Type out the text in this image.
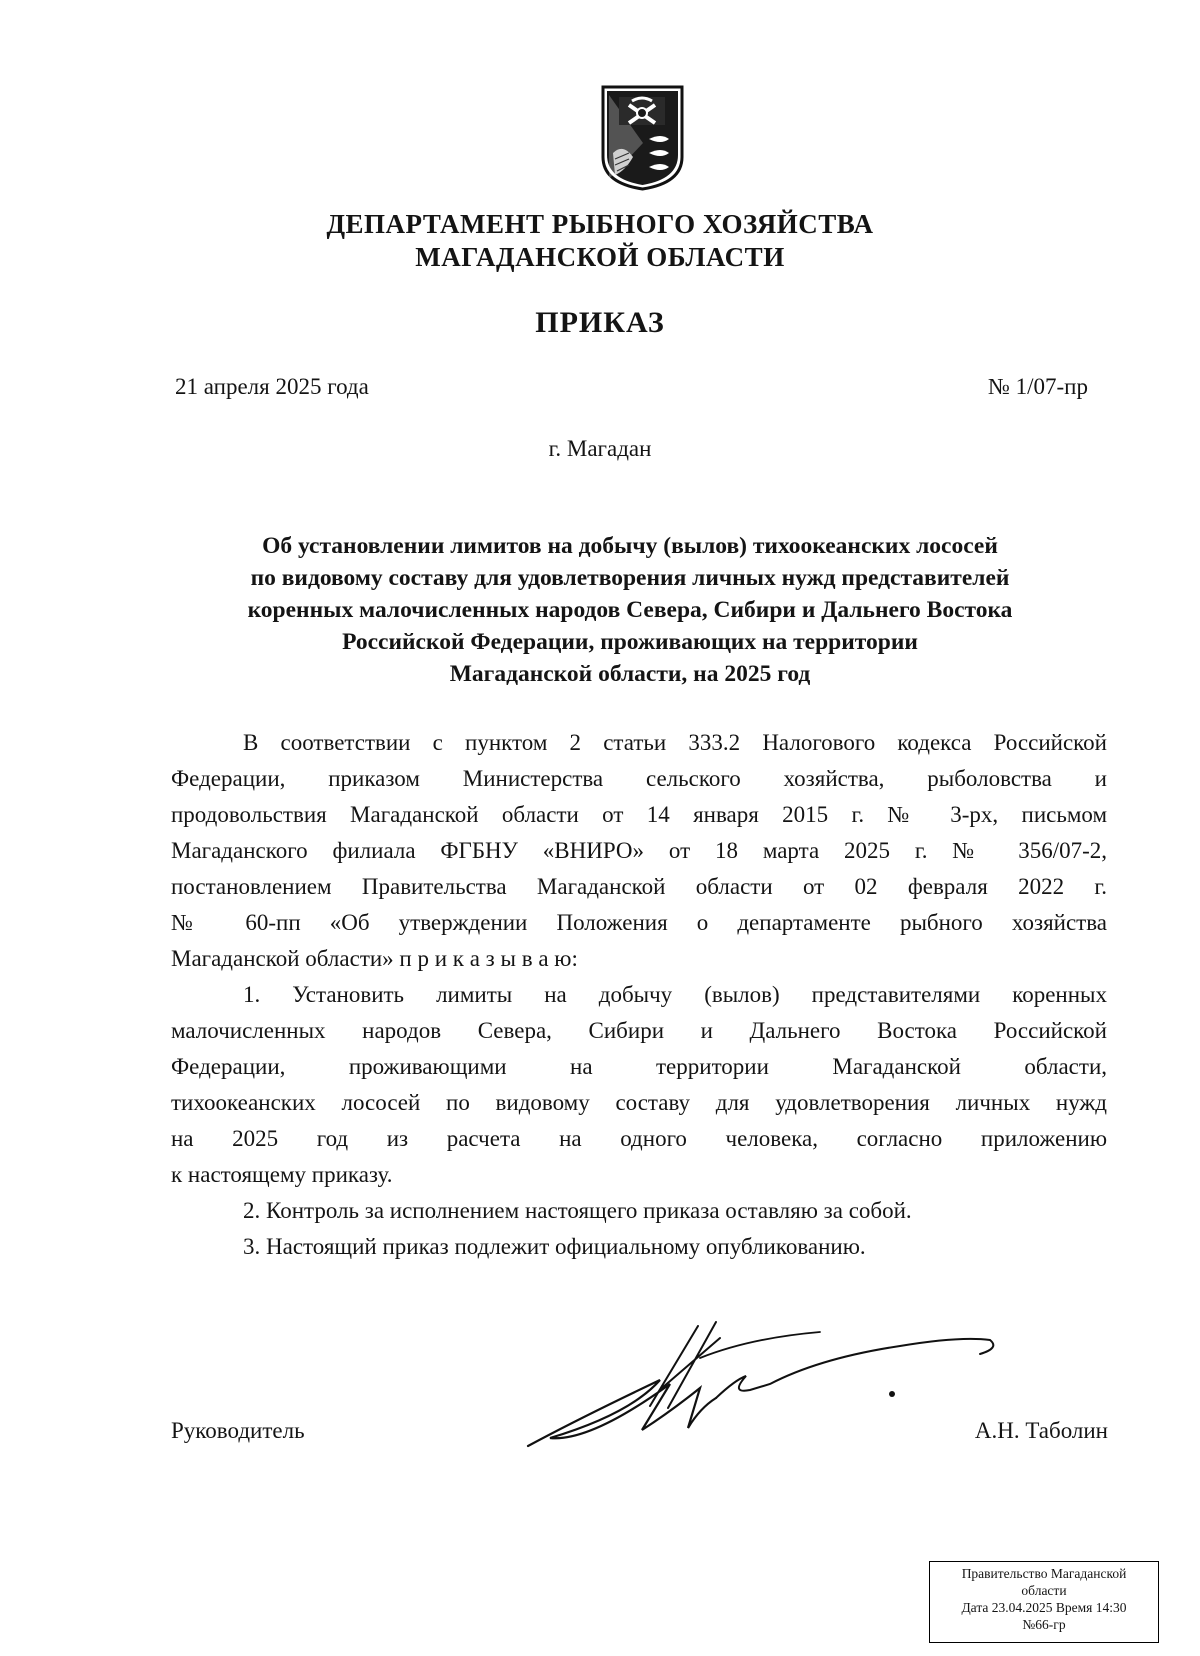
ДЕПАРТАМЕНТ РЫБНОГО ХОЗЯЙСТВА
МАГАДАНСКОЙ ОБЛАСТИ
ПРИКАЗ
21 апреля 2025 года	№ 1/07-пр
г. Магадан
Об установлении лимитов на добычу (вылов) тихоокеанских лососей
по видовому составу для удовлетворения личных нужд представителей
коренных малочисленных народов Севера, Сибири и Дальнего Востока
Российской Федерации, проживающих на территории
Магаданской области, на 2025 год
В соответствии с пунктом 2 статьи 333.2 Налогового кодекса Российской
Федерации, приказом Министерства сельского хозяйства, рыболовства и
продовольствия Магаданской области от 14 января 2015 г. № 3-рх, письмом
Магаданского филиала ФГБНУ «ВНИРО» от 18 марта 2025 г. № 356/07-2,
постановлением Правительства Магаданской области от 02 февраля 2022 г.
№ 60-пп «Об утверждении Положения о департаменте рыбного хозяйства
Магаданской области» п р и к а з ы в а ю:
1. Установить лимиты на добычу (вылов) представителями коренных
малочисленных народов Севера, Сибири и Дальнего Востока Российской
Федерации, проживающими на территории Магаданской области,
тихоокеанских лососей по видовому составу для удовлетворения личных нужд
на 2025 год из расчета на одного человека, согласно приложению
к настоящему приказу.
2. Контроль за исполнением настоящего приказа оставляю за собой.
3. Настоящий приказ подлежит официальному опубликованию.
Руководитель	А.Н. Таболин
Правительство Магаданской
области
Дата 23.04.2025 Время 14:30
№66-гр
